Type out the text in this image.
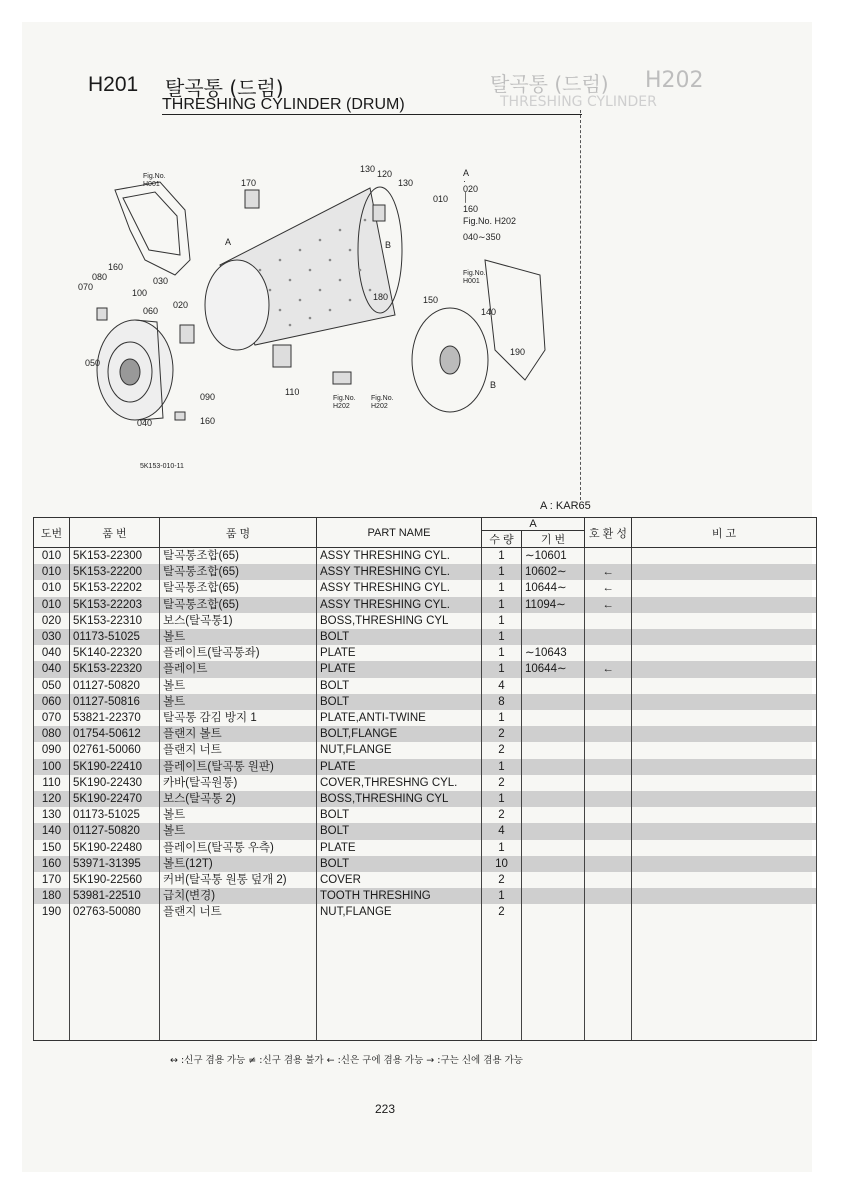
탈곡통 (드럼) H202
THRESHING CYLINDER
H201 탈곡통 (드럼)
THRESHING CYLINDER (DRUM)
130 120
130
170
A
160
080
070
030
100
020
060
050
090
040	160
110
180	150
140
190
B
B
Fig.No.
H001
Fig.No.
H001
Fig.No.
H202
Fig.No.
H202
A
·
020
│
160
Fig.No. H202
040∼350
010
5K153-010-11
A : KAR65
도번	품 번	품 명	PART NAME	A		호 환 성	비 고
				수 량	기 번		
010	5K153-22300	탈곡통조합(65)	ASSY THRESHING CYL.	1	∼10601		
010	5K153-22200	탈곡통조합(65)	ASSY THRESHING CYL.	1	10602∼	←	
010	5K153-22202	탈곡통조합(65)	ASSY THRESHING CYL.	1	10644∼	←	
010	5K153-22203	탈곡통조합(65)	ASSY THRESHING CYL.	1	11094∼	←	
020	5K153-22310	보스(탈곡통1)	BOSS,THRESHING CYL	1			
030	01173-51025	볼트	BOLT	1			
040	5K140-22320	플레이트(탈곡통좌)	PLATE	1	∼10643		
040	5K153-22320	플레이트	PLATE	1	10644∼	←	
050	01127-50820	볼트	BOLT	4			
060	01127-50816	볼트	BOLT	8			
070	53821-22370	탈곡통 감김 방지 1	PLATE,ANTI-TWINE	1			
080	01754-50612	플랜지 볼트	BOLT,FLANGE	2			
090	02761-50060	플랜지 너트	NUT,FLANGE	2			
100	5K190-22410	플레이트(탈곡통 원판)	PLATE	1			
110	5K190-22430	카바(탈곡원통)	COVER,THRESHNG CYL.	2			
120	5K190-22470	보스(탈곡통 2)	BOSS,THRESHING CYL	1			
130	01173-51025	볼트	BOLT	2			
140	01127-50820	볼트	BOLT	4			
150	5K190-22480	플레이트(탈곡통 우측)	PLATE	1			
160	53971-31395	볼트(12T)	BOLT	10			
170	5K190-22560	커버(탈곡통 원통 덮개 2)	COVER	2			
180	53981-22510	급치(변경)	TOOTH THRESHING	1			
190	02763-50080	플랜지 너트	NUT,FLANGE	2			

↔ :신구 겸용 가능 ≠ :신구 겸용 불가 ← :신은 구에 겸용 가능 → :구는 신에 겸용 가능
223
